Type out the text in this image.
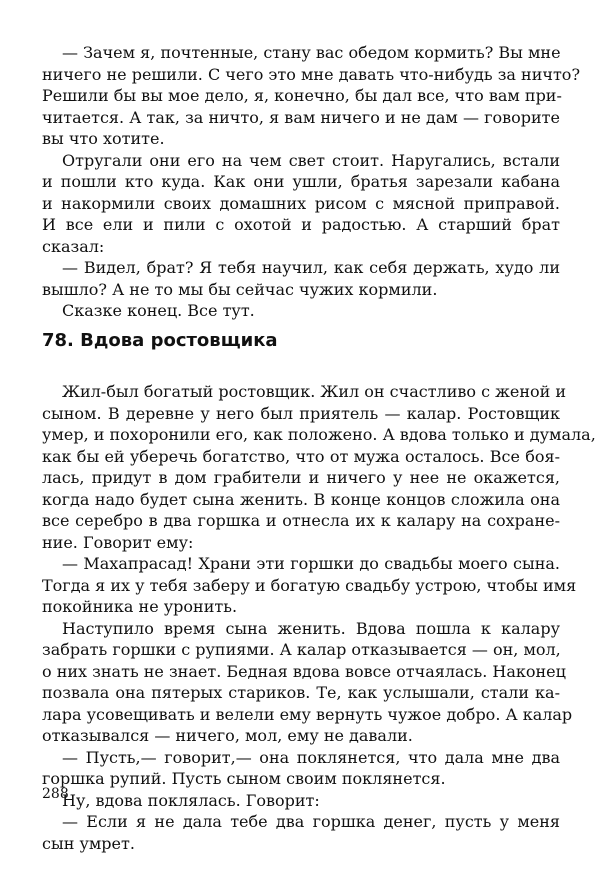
— Зачем я, почтенные, стану вас обедом кормить? Вы мне
ничего не решили. С чего это мне давать что-нибудь за ничто?
Решили бы вы мое дело, я, конечно, бы дал все, что вам при-
читается. А так, за ничто, я вам ничего и не дам — говорите
вы что хотите.
Отругали они его на чем свет стоит. Наругались, встали
и пошли кто куда. Как они ушли, братья зарезали кабана
и накормили своих домашних рисом с мясной приправой.
И все ели и пили с охотой и радостью. А старший брат
сказал:
— Видел, брат? Я тебя научил, как себя держать, худо ли
вышло? А не то мы бы сейчас чужих кормили.
Сказке конец. Все тут.
78. Вдова ростовщика
Жил-был богатый ростовщик. Жил он счастливо с женой и
сыном. В деревне у него был приятель — калар. Ростовщик
умер, и похоронили его, как положено. А вдова только и думала,
как бы ей уберечь богатство, что от мужа осталось. Все боя-
лась, придут в дом грабители и ничего у нее не окажется,
когда надо будет сына женить. В конце концов сложила она
все серебро в два горшка и отнесла их к калару на сохране-
ние. Говорит ему:
— Махапрасад! Храни эти горшки до свадьбы моего сына.
Тогда я их у тебя заберу и богатую свадьбу устрою, чтобы имя
покойника не уронить.
Наступило время сына женить. Вдова пошла к калару
забрать горшки с рупиями. А калар отказывается — он, мол,
о них знать не знает. Бедная вдова вовсе отчаялась. Наконец
позвала она пятерых стариков. Те, как услышали, стали ка-
лара усовещивать и велели ему вернуть чужое добро. А калар
отказывался — ничего, мол, ему не давали.
— Пусть,— говорит,— она поклянется, что дала мне два
горшка рупий. Пусть сыном своим поклянется.
Ну, вдова поклялась. Говорит:
— Если я не дала тебе два горшка денег, пусть у меня
сын умрет.
288
